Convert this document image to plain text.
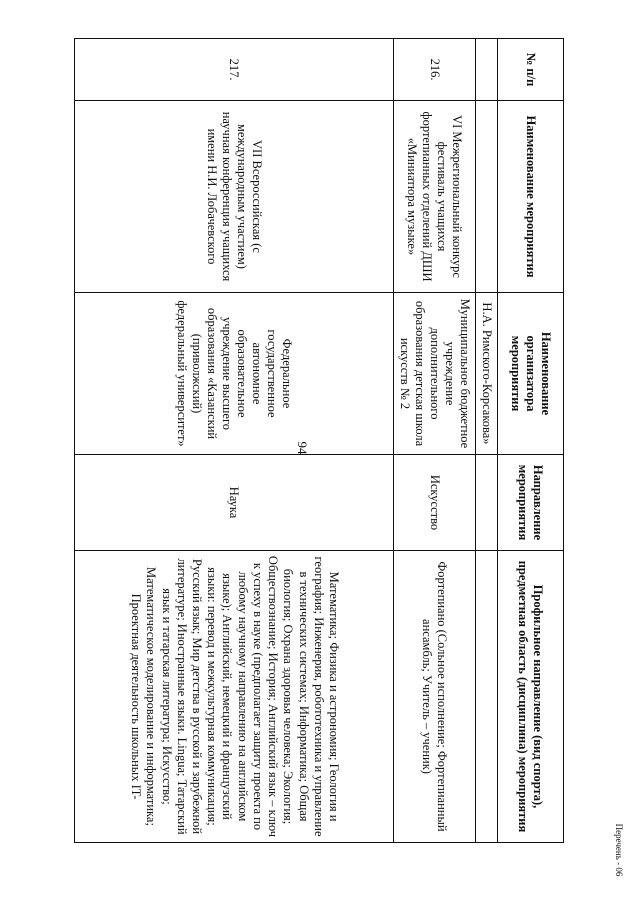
94
№ п/п	Наименование мероприятия	Наименование организатора мероприятия	Направление мероприятия	Профильное направление (вид спорта), предметная область (дисциплина) мероприятия
		Н.А. Римского-Корсакова»		
216.	VI Межрегиональный конкурс фестиваль учащихся фортепианных отделений ДШИ «Миниатюра музыке»	Муниципальное бюджетное учреждение дополнительного образования детская школа искусств № 2	Искусство	Фортепиано (Сольное исполнение; Фортепианный ансамбль; Учитель – ученик)
217.	VII Всероссийская (с международным участием) научная конференция учащихся имени Н.И. Лобачевского	Федеральное государственное автономное образовательное учреждение высшего образования «Казанский (приволжский) федеральный университет»	Наука	Математика; Физика и астрономия; Геология и география; Инженерия, робототехника и управление в технических системах; Информатика; Общая биология; Охрана здоровья человека; Экология; Обществознание; История; Английский язык – ключ к успеху в науке (предполагает защиту проекта по любому научному направлению на английском языке); Английский, немецкий и французский языки: перевод и межкультурная коммуникация; Русский язык; Мир детства в русской и зарубежной литературе; Иностранные языки. Lingua; Татарский язык и татарская литература; Искусство; Математическое моделирование и информатика; Проектная деятельность школьных IT-
Перечень - 06
